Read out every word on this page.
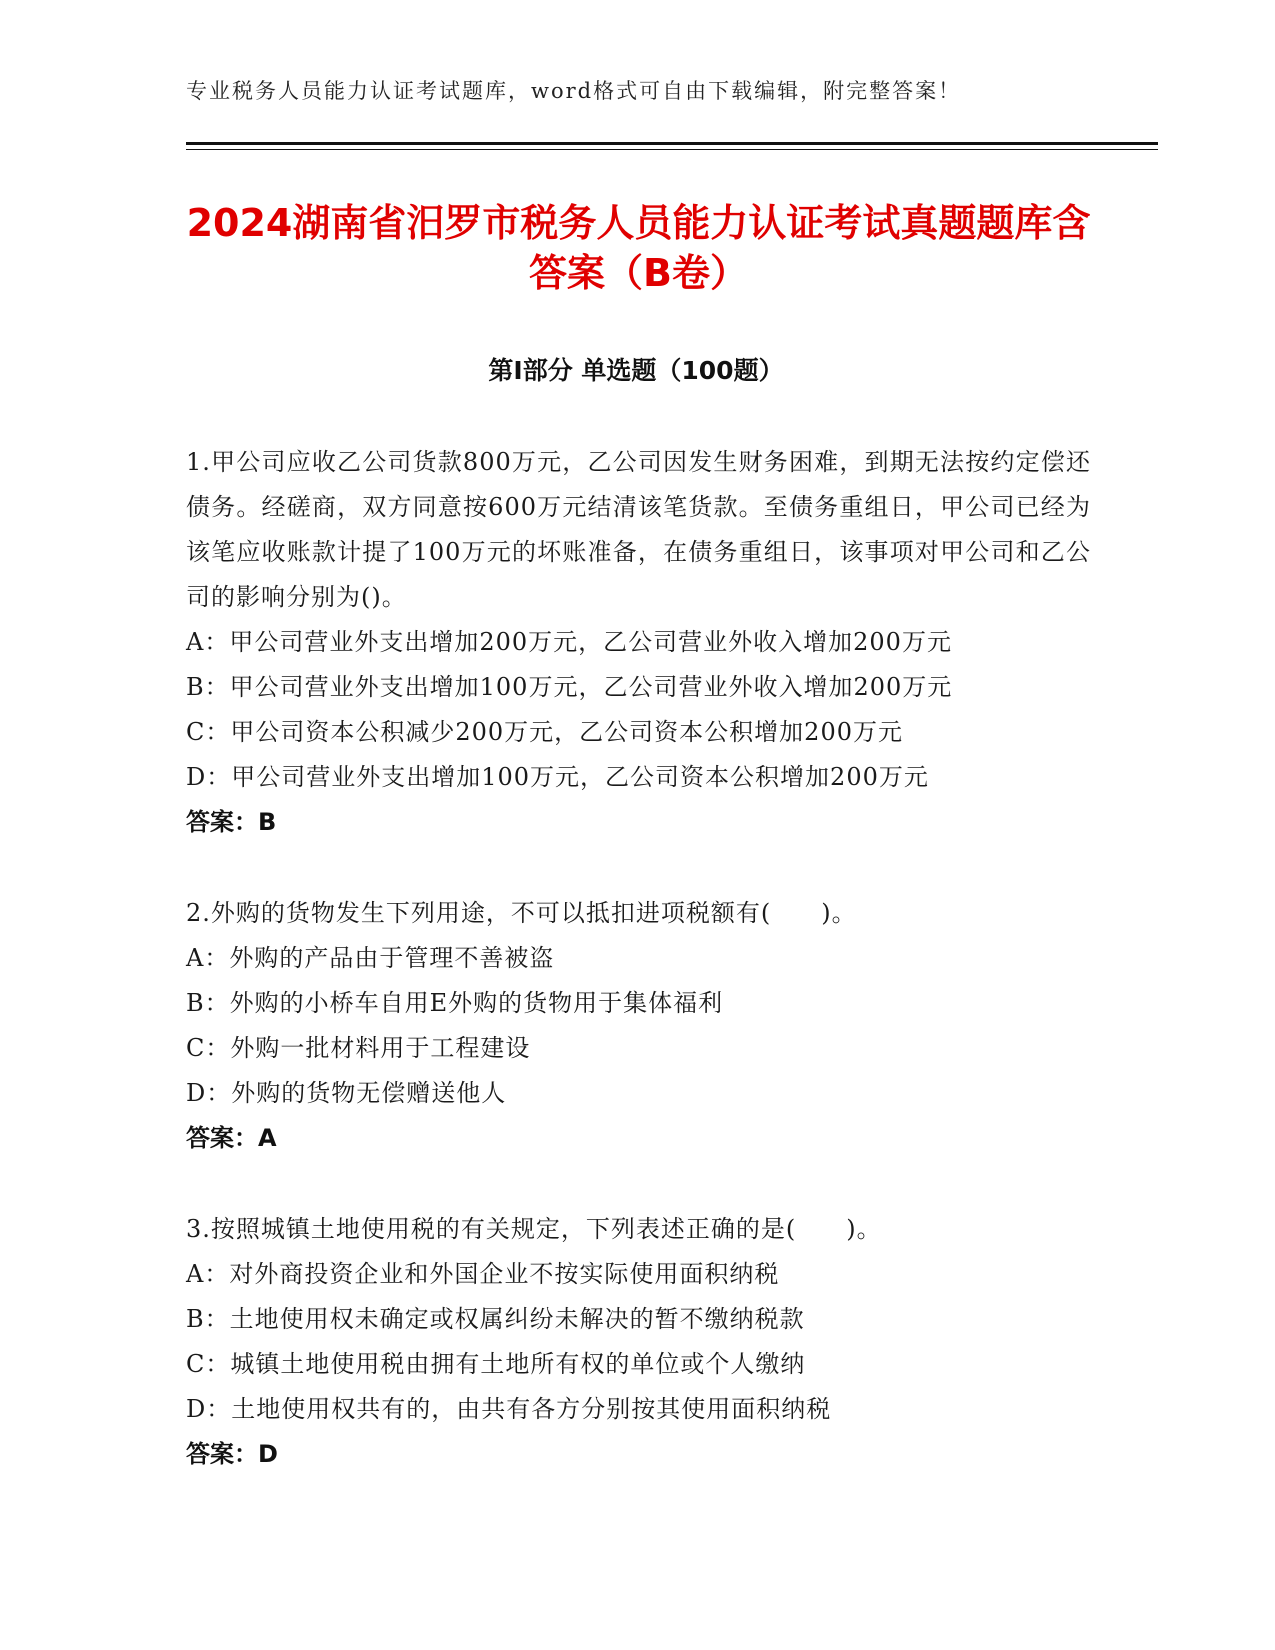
专业税务人员能力认证考试题库，word格式可自由下载编辑，附完整答案！
2024湖南省汨罗市税务人员能力认证考试真题题库含答案（B卷）
第Ⅰ部分 单选题（100题）
1.甲公司应收乙公司货款800万元，乙公司因发生财务困难，到期无法按约定偿还债务。经磋商，双方同意按600万元结清该笔货款。至债务重组日，甲公司已经为该笔应收账款计提了100万元的坏账准备，在债务重组日，该事项对甲公司和乙公司的影响分别为()。
A：甲公司营业外支出增加200万元，乙公司营业外收入增加200万元
B：甲公司营业外支出增加100万元，乙公司营业外收入增加200万元
C：甲公司资本公积减少200万元，乙公司资本公积增加200万元
D：甲公司营业外支出增加100万元，乙公司资本公积增加200万元
答案：B
2.外购的货物发生下列用途，不可以抵扣进项税额有(　　)。
A：外购的产品由于管理不善被盗
B：外购的小桥车自用E外购的货物用于集体福利
C：外购一批材料用于工程建设
D：外购的货物无偿赠送他人
答案：A
3.按照城镇土地使用税的有关规定，下列表述正确的是(　　)。
A：对外商投资企业和外国企业不按实际使用面积纳税
B：土地使用权未确定或权属纠纷未解决的暂不缴纳税款
C：城镇土地使用税由拥有土地所有权的单位或个人缴纳
D：土地使用权共有的，由共有各方分别按其使用面积纳税
答案：D
